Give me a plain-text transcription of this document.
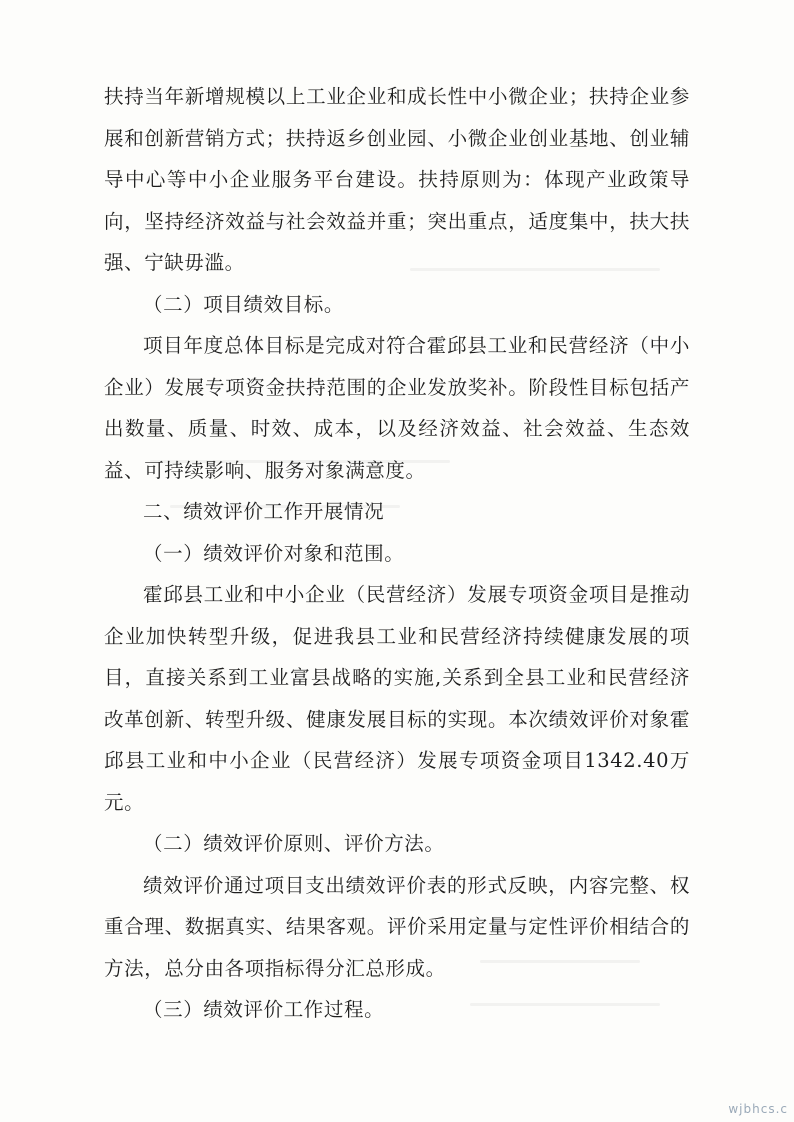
扶持当年新增规模以上工业企业和成长性中小微企业；扶持企业参展和创新营销方式；扶持返乡创业园、小微企业创业基地、创业辅导中心等中小企业服务平台建设。扶持原则为：体现产业政策导向，坚持经济效益与社会效益并重；突出重点，适度集中，扶大扶强、宁缺毋滥。

（二）项目绩效目标。

项目年度总体目标是完成对符合霍邱县工业和民营经济（中小企业）发展专项资金扶持范围的企业发放奖补。阶段性目标包括产出数量、质量、时效、成本，以及经济效益、社会效益、生态效益、可持续影响、服务对象满意度。

二、绩效评价工作开展情况

（一）绩效评价对象和范围。

霍邱县工业和中小企业（民营经济）发展专项资金项目是推动企业加快转型升级，促进我县工业和民营经济持续健康发展的项目，直接关系到工业富县战略的实施,关系到全县工业和民营经济改革创新、转型升级、健康发展目标的实现。本次绩效评价对象霍邱县工业和中小企业（民营经济）发展专项资金项目1342.40万元。

（二）绩效评价原则、评价方法。

绩效评价通过项目支出绩效评价表的形式反映，内容完整、权重合理、数据真实、结果客观。评价采用定量与定性评价相结合的方法，总分由各项指标得分汇总形成。

（三）绩效评价工作过程。

wjbhcs.c
